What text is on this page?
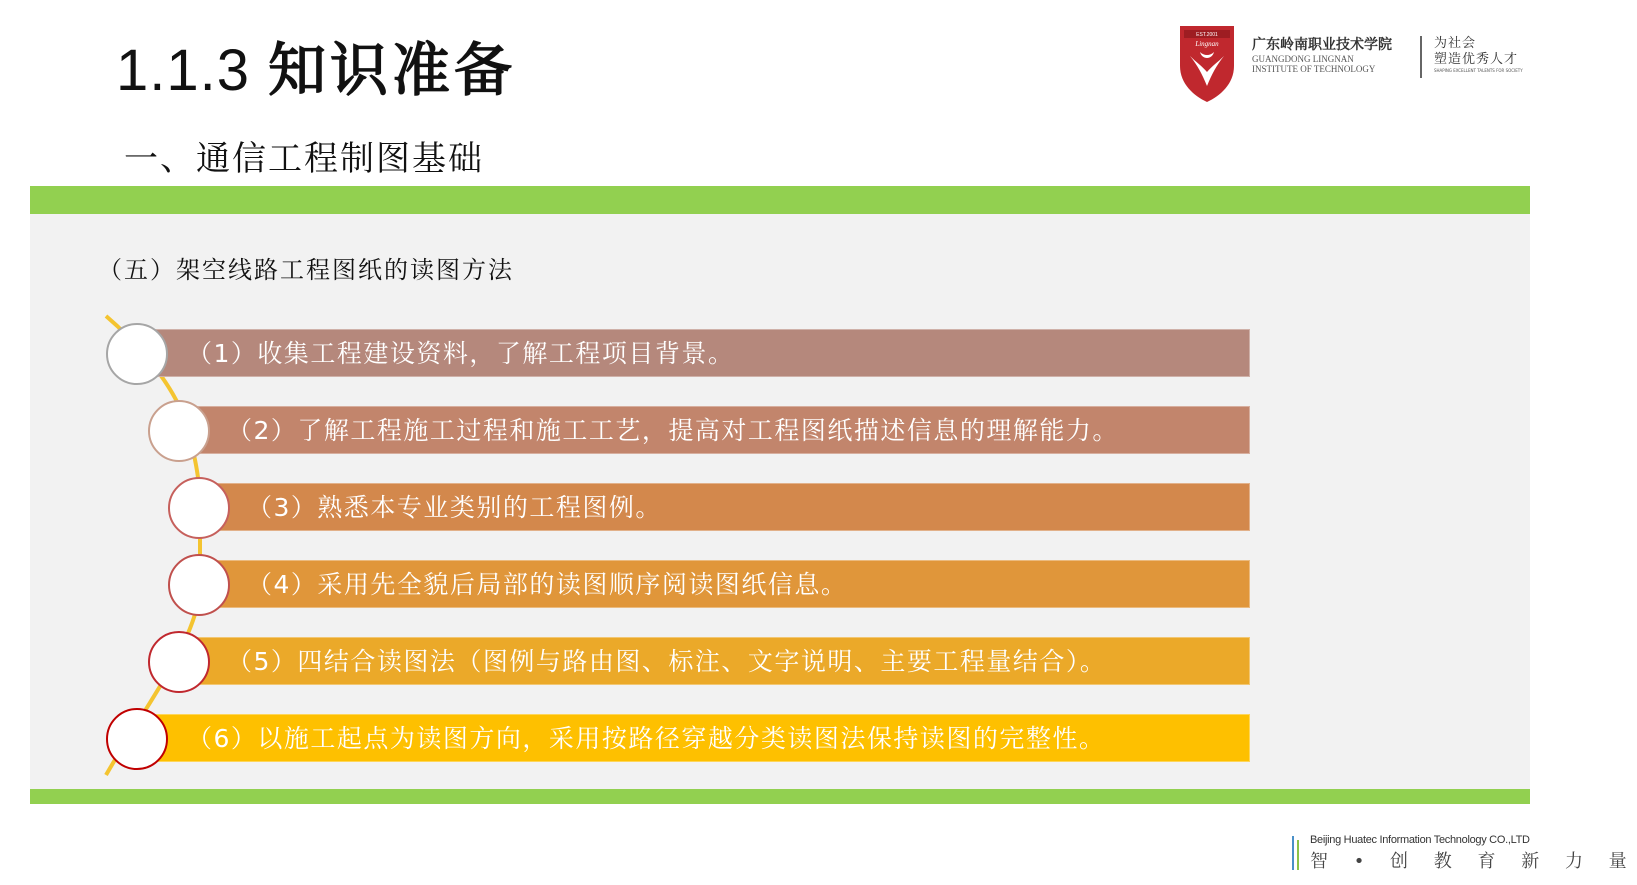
1.1.3 知识准备
一、通信工程制图基础
EST.2001
Lingnan 广东岭南职业技术学院
GUANGDONG LINGNAN
INSTITUTE OF TECHNOLOGY
为社会
塑造优秀人才
SHAPING EXCELLENT TALENTS FOR SOCIETY
（五）架空线路工程图纸的读图方法
（1）收集工程建设资料，了解工程项目背景。
（2）了解工程施工过程和施工工艺，提高对工程图纸描述信息的理解能力。
（3）熟悉本专业类别的工程图例。
（4）采用先全貌后局部的读图顺序阅读图纸信息。
（5）四结合读图法（图例与路由图、标注、文字说明、主要工程量结合）。
（6）以施工起点为读图方向，采用按路径穿越分类读图法保持读图的完整性。
Beijing Huatec Information Technology CO.,LTD
智 • 创 教 育 新 力 量
